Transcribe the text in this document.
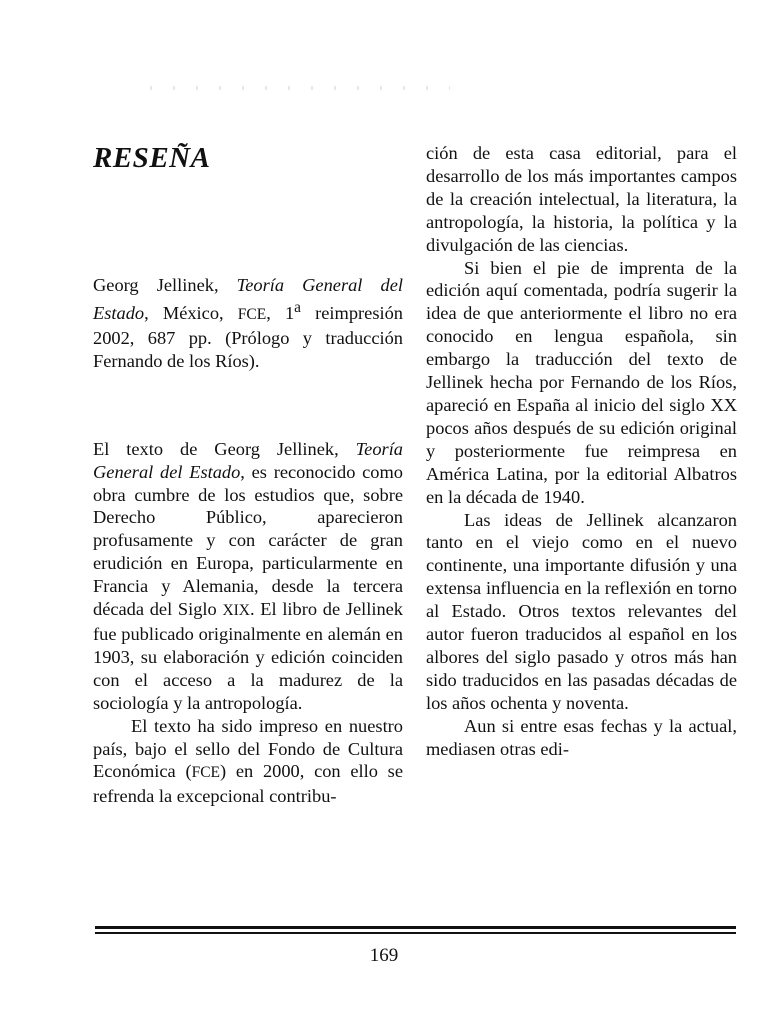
RESEÑA

Georg Jellinek, Teoría General del Estado, México, FCE, 1$^a$ reimpresión 2002, 687 pp. (Prólogo y traducción Fernando de los Ríos).

El texto de Georg Jellinek, Teoría General del Estado, es reconocido como obra cumbre de los estudios que, sobre Derecho Público, aparecieron profusamente y con carácter de gran erudición en Europa, particularmente en Francia y Alemania, desde la tercera década del Siglo XIX. El libro de Jellinek fue publicado originalmente en alemán en 1903, su elaboración y edición coinciden con el acceso a la madurez de la sociología y la antropología.

El texto ha sido impreso en nuestro país, bajo el sello del Fondo de Cultura Económica (FCE) en 2000, con ello se refrenda la excepcional contribu-

ción de esta casa editorial, para el desarrollo de los más importantes campos de la creación intelectual, la literatura, la antropología, la historia, la política y la divulgación de las ciencias.

Si bien el pie de imprenta de la edición aquí comentada, podría sugerir la idea de que anteriormente el libro no era conocido en lengua española, sin embargo la traducción del texto de Jellinek hecha por Fernando de los Ríos, apareció en España al inicio del siglo XX pocos años después de su edición original y posteriormente fue reimpresa en América Latina, por la editorial Albatros en la década de 1940.

Las ideas de Jellinek alcanzaron tanto en el viejo como en el nuevo continente, una importante difusión y una extensa influencia en la reflexión en torno al Estado. Otros textos relevantes del autor fueron traducidos al español en los albores del siglo pasado y otros más han sido traducidos en las pasadas décadas de los años ochenta y noventa.

Aun si entre esas fechas y la actual, mediasen otras edi-

169
